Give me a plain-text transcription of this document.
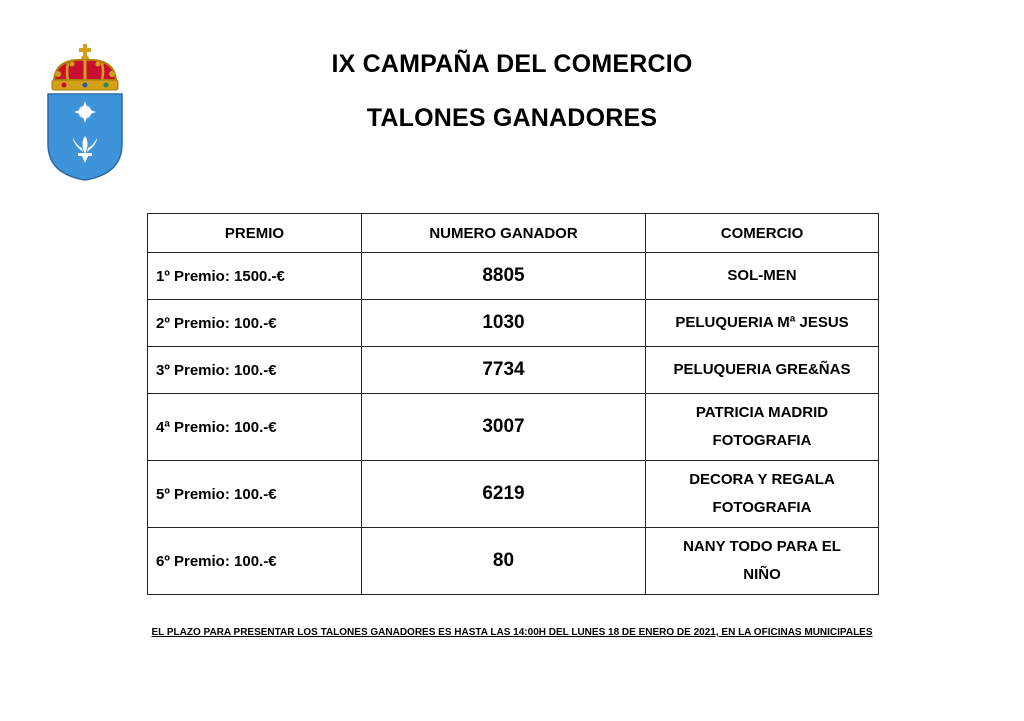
IX CAMPAÑA DEL COMERCIO
TALONES GANADORES
PREMIO	NUMERO GANADOR	COMERCIO
1º Premio: 1500.-€	8805	SOL-MEN

2º Premio: 100.-€	1030	PELUQUERIA Mª JESUS

3º Premio: 100.-€	7734	PELUQUERIA GRE&ÑAS

4ª Premio: 100.-€	3007	PATRICIA MADRID
FOTOGRAFIA

5º Premio: 100.-€	6219	DECORA Y REGALA
FOTOGRAFIA

6º Premio: 100.-€	80	NANY TODO PARA EL
NIÑO
EL PLAZO PARA PRESENTAR LOS TALONES GANADORES ES HASTA LAS 14:00H DEL LUNES 18 DE ENERO DE 2021, EN LA OFICINAS MUNICIPALES
